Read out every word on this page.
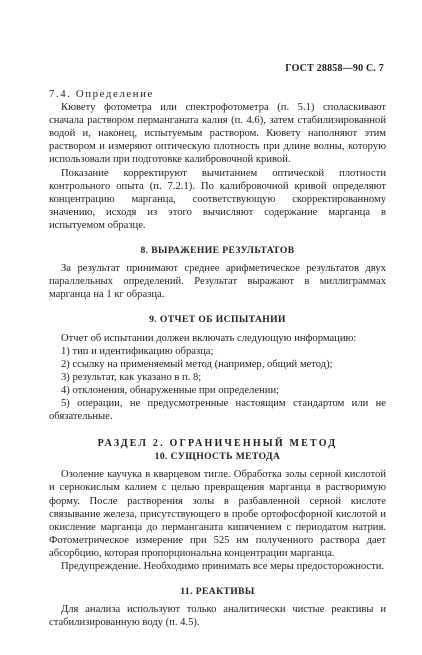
ГОСТ 28858—90 С. 7
7.4. Определение

Кювету фотометра или спектрофотометра (п. 5.1) споласкивают сначала раствором перманганата калия (п. 4.6), затем стабилизированной водой и, наконец, испытуемым раствором. Кювету наполняют этим раствором и измеряют оптическую плотность при длине волны, которую использовали при подготовке калибровочной кривой.

Показание корректируют вычитанием оптической плотности контрольного опыта (п. 7.2.1). По калибровочной кривой определяют концентрацию марганца, соответствующую скорректированному значению, исходя из этого вычисляют содержание марганца в испытуемом образце.

8. ВЫРАЖЕНИЕ РЕЗУЛЬТАТОВ

За результат принимают среднее арифметическое результатов двух параллельных определений. Результат выражают в миллиграммах марганца на 1 кг образца.

9. ОТЧЕТ ОБ ИСПЫТАНИИ

Отчет об испытании должен включать следующую информацию:

1) тип и идентификацию образца;

2) ссылку на применяемый метод (например, общий метод);

3) результат, как указано в п. 8;

4) отклонения, обнаруженные при определении;

5) операции, не предусмотренные настоящим стандартом или не обязательные.

РАЗДЕЛ 2. ОГРАНИЧЕННЫЙ МЕТОД
10. СУЩНОСТЬ МЕТОДА

Озоление каучука в кварцевом тигле. Обработка золы серной кислотой и сернокислым калием с целью превращения марганца в растворимую форму. После растворения золы в разбавленной серной кислоте связывание железа, присутствующего в пробе ортофосфорной кислотой и окисление марганца до перманганата кипячением с периодатом натрия. Фотометрическое измерение при 525 нм полученного раствора дает абсорбцию, которая пропорциональна концентрации марганца.

Предупреждение. Необходимо принимать все меры предосторожности.

11. РЕАКТИВЫ

Для анализа используют только аналитически чистые реактивы и стабилизированную воду (п. 4.5).
